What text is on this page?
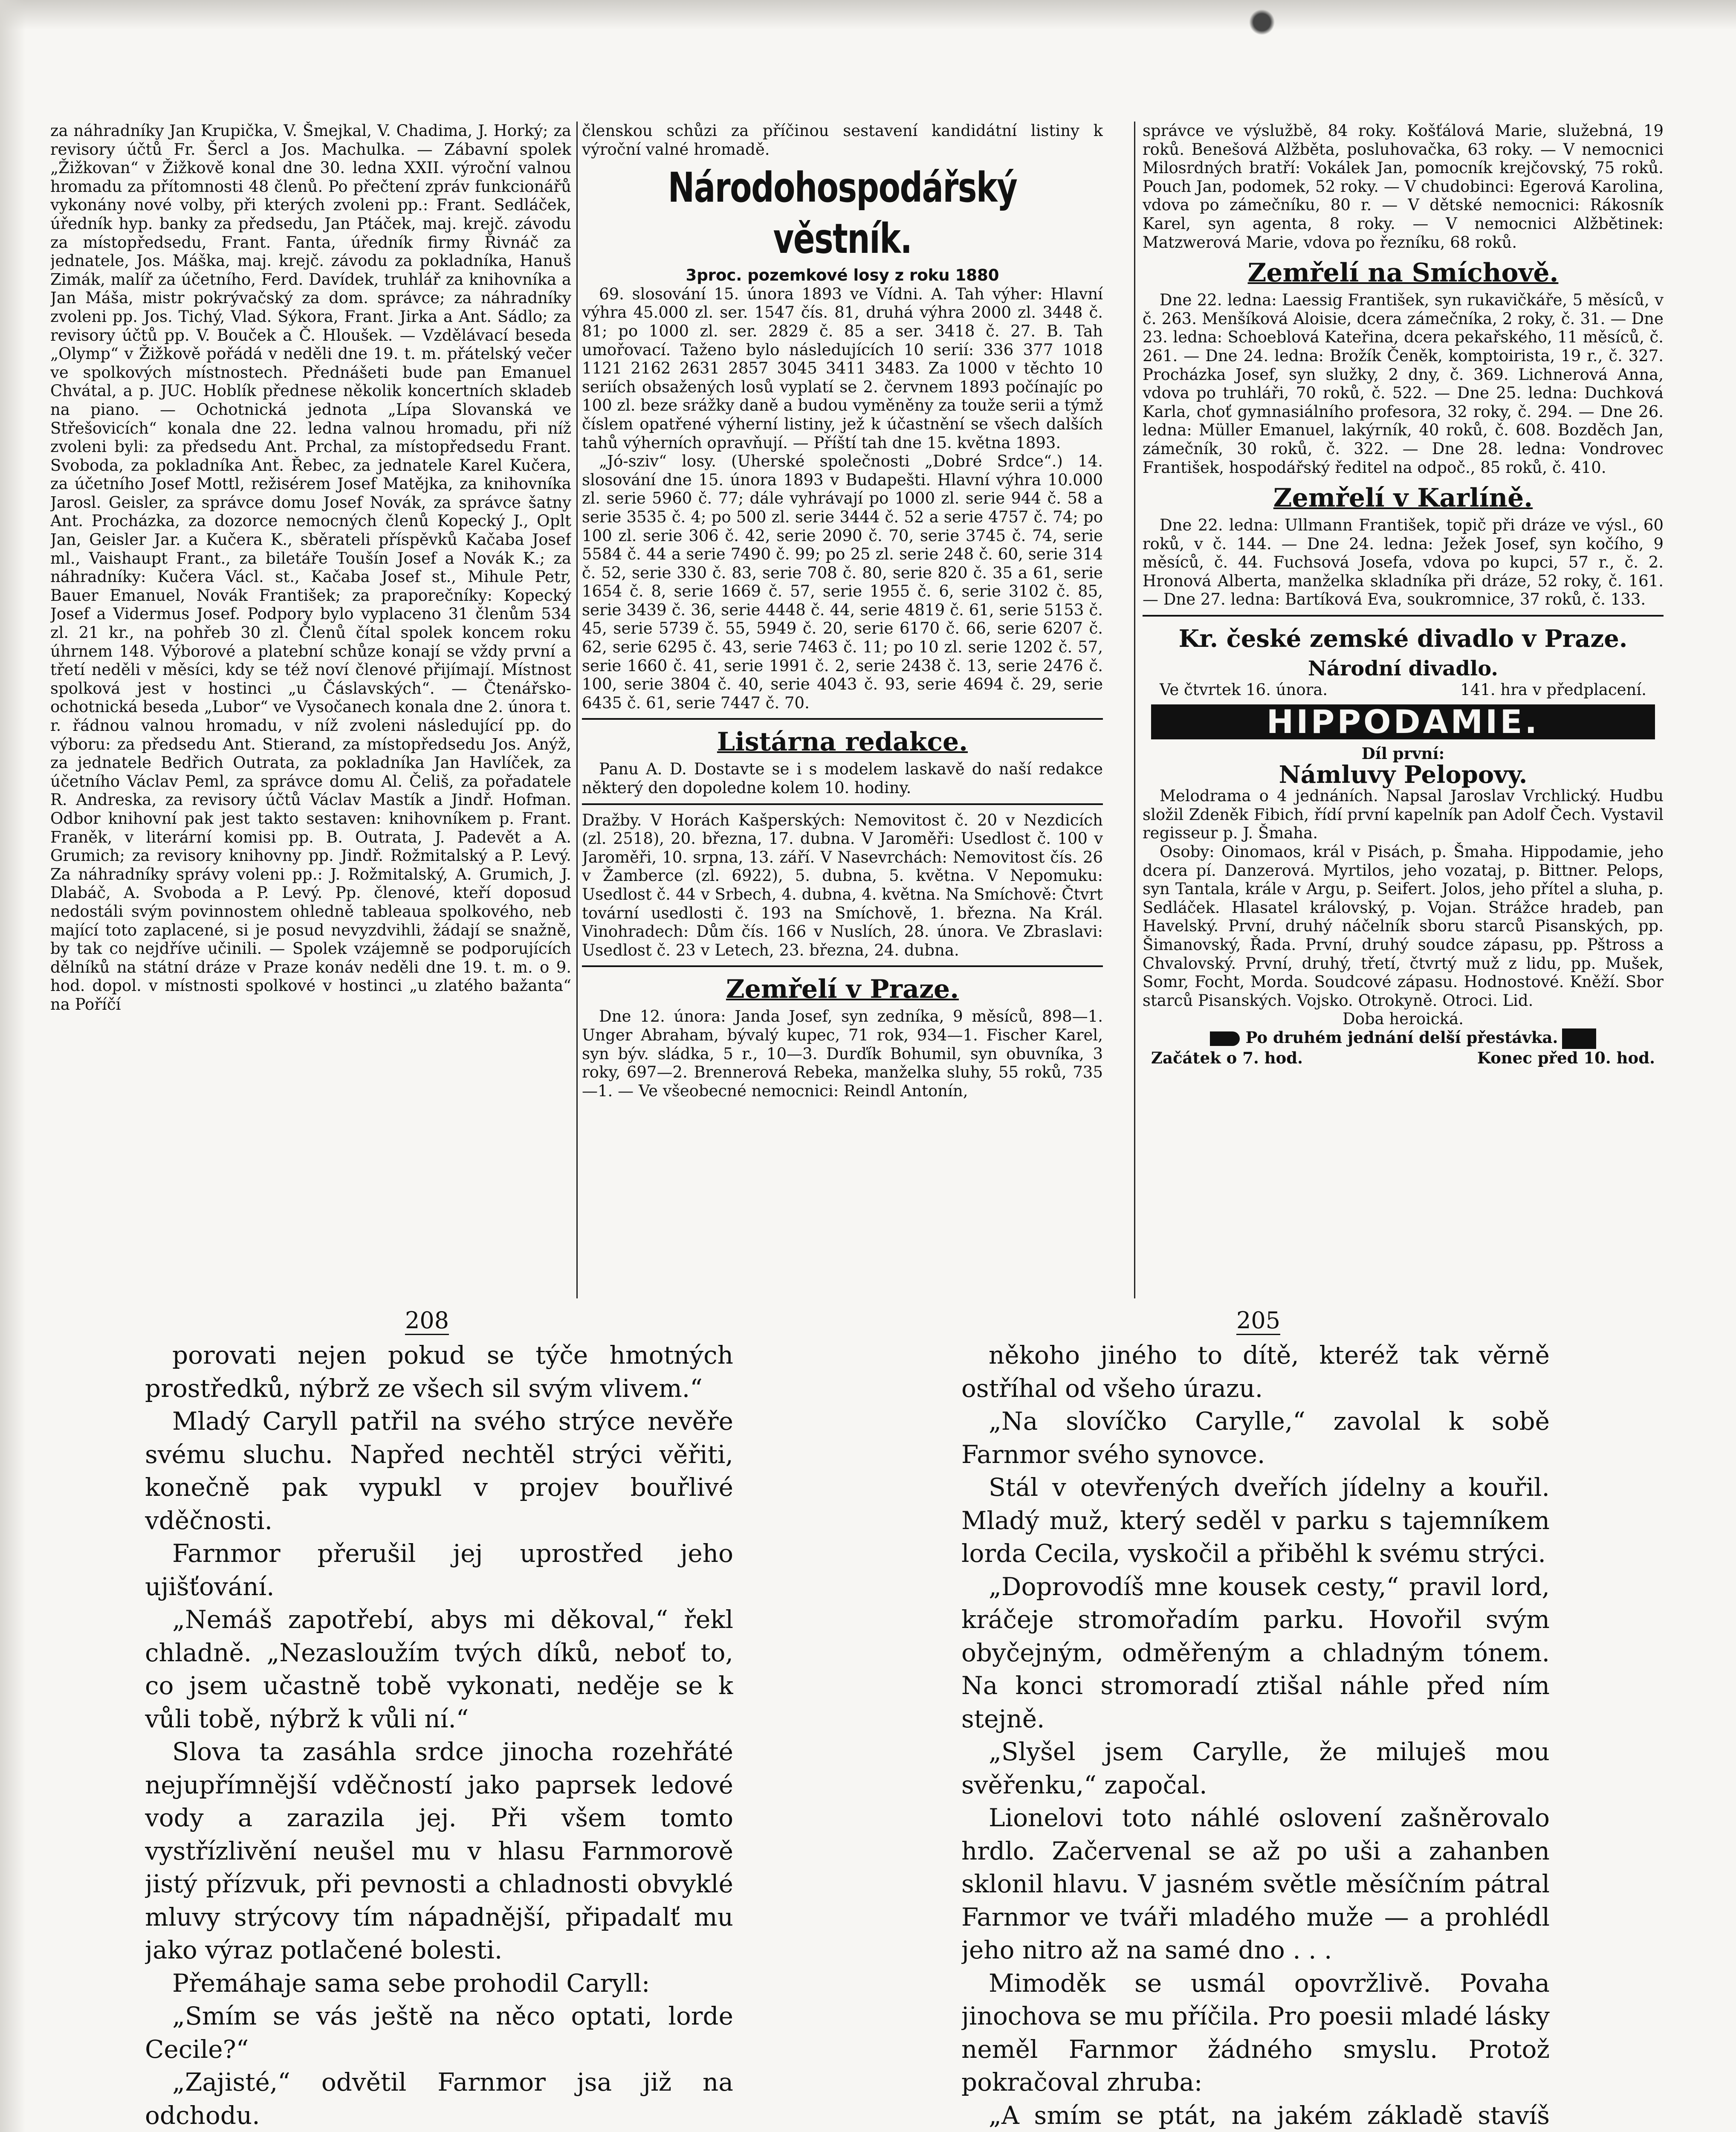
za náhradníky Jan Krupička, V. Šmejkal, V. Chadima, J. Horký; za revisory účtů Fr. Šercl a Jos. Machulka. — Zábavní spolek „Žižkovan“ v Žižkově konal dne 30. ledna XXII. výroční valnou hromadu za přítomnosti 48 členů. Po přečtení zpráv funkcionářů vykonány nové volby, při kterých zvoleni pp.: Frant. Sedláček, úředník hyp. banky za předsedu, Jan Ptáček, maj. krejč. závodu za místopředsedu, Frant. Fanta, úředník firmy Řivnáč za jednatele, Jos. Máška, maj. krejč. závodu za pokladníka, Hanuš Zimák, malíř za účetního, Ferd. Davídek, truhlář za knihovníka a Jan Máša, mistr pokrývačský za dom. správce; za náhradníky zvoleni pp. Jos. Tichý, Vlad. Sýkora, Frant. Jirka a Ant. Sádlo; za revisory účtů pp. V. Bouček a Č. Hloušek. — Vzdělávací beseda „Olymp“ v Žižkově pořádá v neděli dne 19. t. m. přátelský večer ve spolkových místnostech. Přednášeti bude pan Emanuel Chvátal, a p. JUC. Hoblík přednese několik koncertních skladeb na piano. — Ochotnická jednota „Lípa Slovanská ve Střešovicích“ konala dne 22. ledna valnou hromadu, při níž zvoleni byli: za předsedu Ant. Prchal, za místopředsedu Frant. Svoboda, za pokladníka Ant. Řebec, za jednatele Karel Kučera, za účetního Josef Mottl, režisérem Josef Matějka, za knihovníka Jarosl. Geisler, za správce domu Josef Novák, za správce šatny Ant. Procházka, za dozorce nemocných členů Kopecký J., Oplt Jan, Geisler Jar. a Kučera K., sběrateli příspěvků Kačaba Josef ml., Vaishaupt Frant., za biletáře Toušín Josef a Novák K.; za náhradníky: Kučera Václ. st., Kačaba Josef st., Mihule Petr, Bauer Emanuel, Novák František; za praporečníky: Kopecký Josef a Vidermus Josef. Podpory bylo vyplaceno 31 členům 534 zl. 21 kr., na pohřeb 30 zl. Členů čítal spolek koncem roku úhrnem 148. Výborové a platební schůze konají se vždy první a třetí neděli v měsíci, kdy se též noví členové přijímají. Místnost spolková jest v hostinci „u Čáslavských“. — Čtenářsko-ochotnická beseda „Lubor“ ve Vysočanech konala dne 2. února t. r. řádnou valnou hromadu, v níž zvoleni následující pp. do výboru: za předsedu Ant. Stierand, za místopředsedu Jos. Anýž, za jednatele Bedřich Outrata, za pokladníka Jan Havlíček, za účetního Václav Peml, za správce domu Al. Čeliš, za pořadatele R. Andreska, za revisory účtů Václav Mastík a Jindř. Hofman. Odbor knihovní pak jest takto sestaven: knihovníkem p. Frant. Franěk, v literární komisi pp. B. Outrata, J. Padevět a A. Grumich; za revisory knihovny pp. Jindř. Rožmitalský a P. Levý. Za náhradníky správy voleni pp.: J. Rožmitalský, A. Grumich, J. Dlabáč, A. Svoboda a P. Levý. Pp. členové, kteří doposud nedostáli svým povinnostem ohledně tableaua spolkového, neb mající toto zaplacené, si je posud nevyzdvihli, žádají se snažně, by tak co nejdříve učinili. — Spolek vzájemně se podporujících dělníků na státní dráze v Praze konáv neděli dne 19. t. m. o 9. hod. dopol. v místnosti spolkové v hostinci „u zlatého bažanta“ na Poříčí

členskou schůzi za příčinou sestavení kandidátní listiny k výroční valné hromadě.

Národohospodářský věstník.

3proc. pozemkové losy z roku 1880

69. slosování 15. února 1893 ve Vídni. A. Tah výher: Hlavní výhra 45.000 zl. ser. 1547 čís. 81, druhá výhra 2000 zl. 3448 č. 81; po 1000 zl. ser. 2829 č. 85 a ser. 3418 č. 27. B. Tah umořovací. Taženo bylo následujících 10 serií: 336 377 1018 1121 2162 2631 2857 3045 3411 3483. Za 1000 v těchto 10 seriích obsažených losů vyplatí se 2. červnem 1893 počínajíc po 100 zl. beze srážky daně a budou vyměněny za touže serii a týmž číslem opatřené výherní listiny, jež k účastnění se všech dalších tahů výherních opravňují. — Příští tah dne 15. května 1893.

„Jó-sziv“ losy. (Uherské společnosti „Dobré Srdce“.) 14. slosování dne 15. února 1893 v Budapešti. Hlavní výhra 10.000 zl. serie 5960 č. 77; dále vyhrávají po 1000 zl. serie 944 č. 58 a serie 3535 č. 4; po 500 zl. serie 3444 č. 52 a serie 4757 č. 74; po 100 zl. serie 306 č. 42, serie 2090 č. 70, serie 3745 č. 74, serie 5584 č. 44 a serie 7490 č. 99; po 25 zl. serie 248 č. 60, serie 314 č. 52, serie 330 č. 83, serie 708 č. 80, serie 820 č. 35 a 61, serie 1654 č. 8, serie 1669 č. 57, serie 1955 č. 6, serie 3102 č. 85, serie 3439 č. 36, serie 4448 č. 44, serie 4819 č. 61, serie 5153 č. 45, serie 5739 č. 55, 5949 č. 20, serie 6170 č. 66, serie 6207 č. 62, serie 6295 č. 43, serie 7463 č. 11; po 10 zl. serie 1202 č. 57, serie 1660 č. 41, serie 1991 č. 2, serie 2438 č. 13, serie 2476 č. 100, serie 3804 č. 40, serie 4043 č. 93, serie 4694 č. 29, serie 6435 č. 61, serie 7447 č. 70.

Listárna redakce.

Panu A. D. Dostavte se i s modelem laskavě do naší redakce některý den dopoledne kolem 10. hodiny.

Dražby. V Horách Kašperských: Nemovitost č. 20 v Nezdicích (zl. 2518), 20. března, 17. dubna. V Jaroměři: Usedlost č. 100 v Jaroměři, 10. srpna, 13. září. V Nasevrchách: Nemovitost čís. 26 v Žamberce (zl. 6922), 5. dubna, 5. května. V Nepomuku: Usedlost č. 44 v Srbech, 4. dubna, 4. května. Na Smíchově: Čtvrt tovární usedlosti č. 193 na Smíchově, 1. března. Na Král. Vinohradech: Dům čís. 166 v Nuslích, 28. února. Ve Zbraslavi: Usedlost č. 23 v Letech, 23. března, 24. dubna.

Zemřelí v Praze.

Dne 12. února: Janda Josef, syn zedníka, 9 měsíců, 898—1. Unger Abraham, bývalý kupec, 71 rok, 934—1. Fischer Karel, syn býv. sládka, 5 r., 10—3. Durďík Bohumil, syn obuvníka, 3 roky, 697—2. Brennerová Rebeka, manželka sluhy, 55 roků, 735—1. — Ve všeobecné nemocnici: Reindl Antonín,

správce ve výslužbě, 84 roky. Košťálová Marie, služebná, 19 roků. Benešová Alžběta, posluhovačka, 63 roky. — V nemocnici Milosrdných bratří: Vokálek Jan, pomocník krejčovský, 75 roků. Pouch Jan, podomek, 52 roky. — V chudobinci: Egerová Karolina, vdova po zámečníku, 80 r. — V dětské nemocnici: Rákosník Karel, syn agenta, 8 roky. — V nemocnici Alžbětinek: Matzwerová Marie, vdova po řezníku, 68 roků.

Zemřelí na Smíchově.

Dne 22. ledna: Laessig František, syn rukavičkáře, 5 měsíců, v č. 263. Menšíková Aloisie, dcera zámečníka, 2 roky, č. 31. — Dne 23. ledna: Schoeblová Kateřina, dcera pekařského, 11 měsíců, č. 261. — Dne 24. ledna: Brožík Čeněk, komptoirista, 19 r., č. 327. Procházka Josef, syn služky, 2 dny, č. 369. Lichnerová Anna, vdova po truhláři, 70 roků, č. 522. — Dne 25. ledna: Duchková Karla, choť gymnasiálního profesora, 32 roky, č. 294. — Dne 26. ledna: Müller Emanuel, lakýrník, 40 roků, č. 608. Bozděch Jan, zámečník, 30 roků, č. 322. — Dne 28. ledna: Vondrovec František, hospodářský ředitel na odpoč., 85 roků, č. 410.

Zemřelí v Karlíně.

Dne 22. ledna: Ullmann František, topič při dráze ve výsl., 60 roků, v č. 144. — Dne 24. ledna: Ježek Josef, syn kočího, 9 měsíců, č. 44. Fuchsová Josefa, vdova po kupci, 57 r., č. 2. Hronová Alberta, manželka skladníka při dráze, 52 roky, č. 161. — Dne 27. ledna: Bartíková Eva, soukromnice, 37 roků, č. 133.

Kr. české zemské divadlo v Praze.
Národní divadlo.
Ve čtvrtek 16. února.	141. hra v předplacení.
HIPPODAMIE.

Díl první:

Námluvy Pelopovy.

Melodrama o 4 jednáních. Napsal Jaroslav Vrchlický. Hudbu složil Zdeněk Fibich, řídí první kapelník pan Adolf Čech. Vystavil regisseur p. J. Šmaha.

Osoby: Oinomaos, král v Pisách, p. Šmaha. Hippodamie, jeho dcera pí. Danzerová. Myrtilos, jeho vozataj, p. Bittner. Pelops, syn Tantala, krále v Argu, p. Seifert. Jolos, jeho přítel a sluha, p. Sedláček. Hlasatel královský, p. Vojan. Strážce hradeb, pan Havelský. První, druhý náčelník sboru starců Pisanských, pp. Šimanovský, Řada. První, druhý soudce zápasu, pp. Pštross a Chvalovský. První, druhý, třetí, čtvrtý muž z lidu, pp. Mušek, Somr, Focht, Morda. Soudcové zápasu. Hodnostové. Kněží. Sbor starců Pisanských. Vojsko. Otrokyně. Otroci. Lid.

Doba heroická.

Po druhém jednání delší přestávka.

Začátek o 7. hod.	Konec před 10. hod.
208	205

porovati nejen pokud se týče hmotných prostředků, nýbrž ze všech sil svým vlivem.“

Mladý Caryll patřil na svého strýce nevěře svému sluchu. Napřed nechtěl strýci věřiti, konečně pak vypukl v projev bouřlivé vděčnosti.

Farnmor přerušil jej uprostřed jeho ujišťování.

„Nemáš zapotřebí, abys mi děkoval,“ řekl chladně. „Nezasloužím tvých díků, neboť to, co jsem učastně tobě vykonati, neděje se k vůli tobě, nýbrž k vůli ní.“

Slova ta zasáhla srdce jinocha rozehřáté nejupřímnější vděčností jako paprsek ledové vody a zarazila jej. Při všem tomto vystřízlivění neušel mu v hlasu Farnmorově jistý přízvuk, při pevnosti a chladnosti obvyklé mluvy strýcovy tím nápadnější, připadalť mu jako výraz potlačené bolesti.

Přemáhaje sama sebe prohodil Caryll:

„Smím se vás ještě na něco optati, lorde Cecile?“

„Zajisté,“ odvětil Farnmor jsa již na odchodu.

někoho jiného to dítě, kteréž tak věrně ostříhal od všeho úrazu.

„Na slovíčko Carylle,“ zavolal k sobě Farnmor svého synovce.

Stál v otevřených dveřích jídelny a kouřil. Mladý muž, který seděl v parku s tajemníkem lorda Cecila, vyskočil a přiběhl k svému strýci.

„Doprovodíš mne kousek cesty,“ pravil lord, kráčeje stromořadím parku. Hovořil svým obyčejným, odměřeným a chladným tónem. Na konci stromoradí ztišal náhle před ním stejně.

„Slyšel jsem Carylle, že miluješ mou svěřenku,“ započal.

Lionelovi toto náhlé oslovení zašněrovalo hrdlo. Začervenal se až po uši a zahanben sklonil hlavu. V jasném světle měsíčním pátral Farnmor ve tváři mladého muže — a prohlédl jeho nitro až na samé dno . . .

Mimoděk se usmál opovržlivě. Povaha jinochova se mu příčila. Pro poesii mladé lásky neměl Farnmor žádného smyslu. Protož pokračoval zhruba:

„A smím se ptát, na jakém základě stavíš
